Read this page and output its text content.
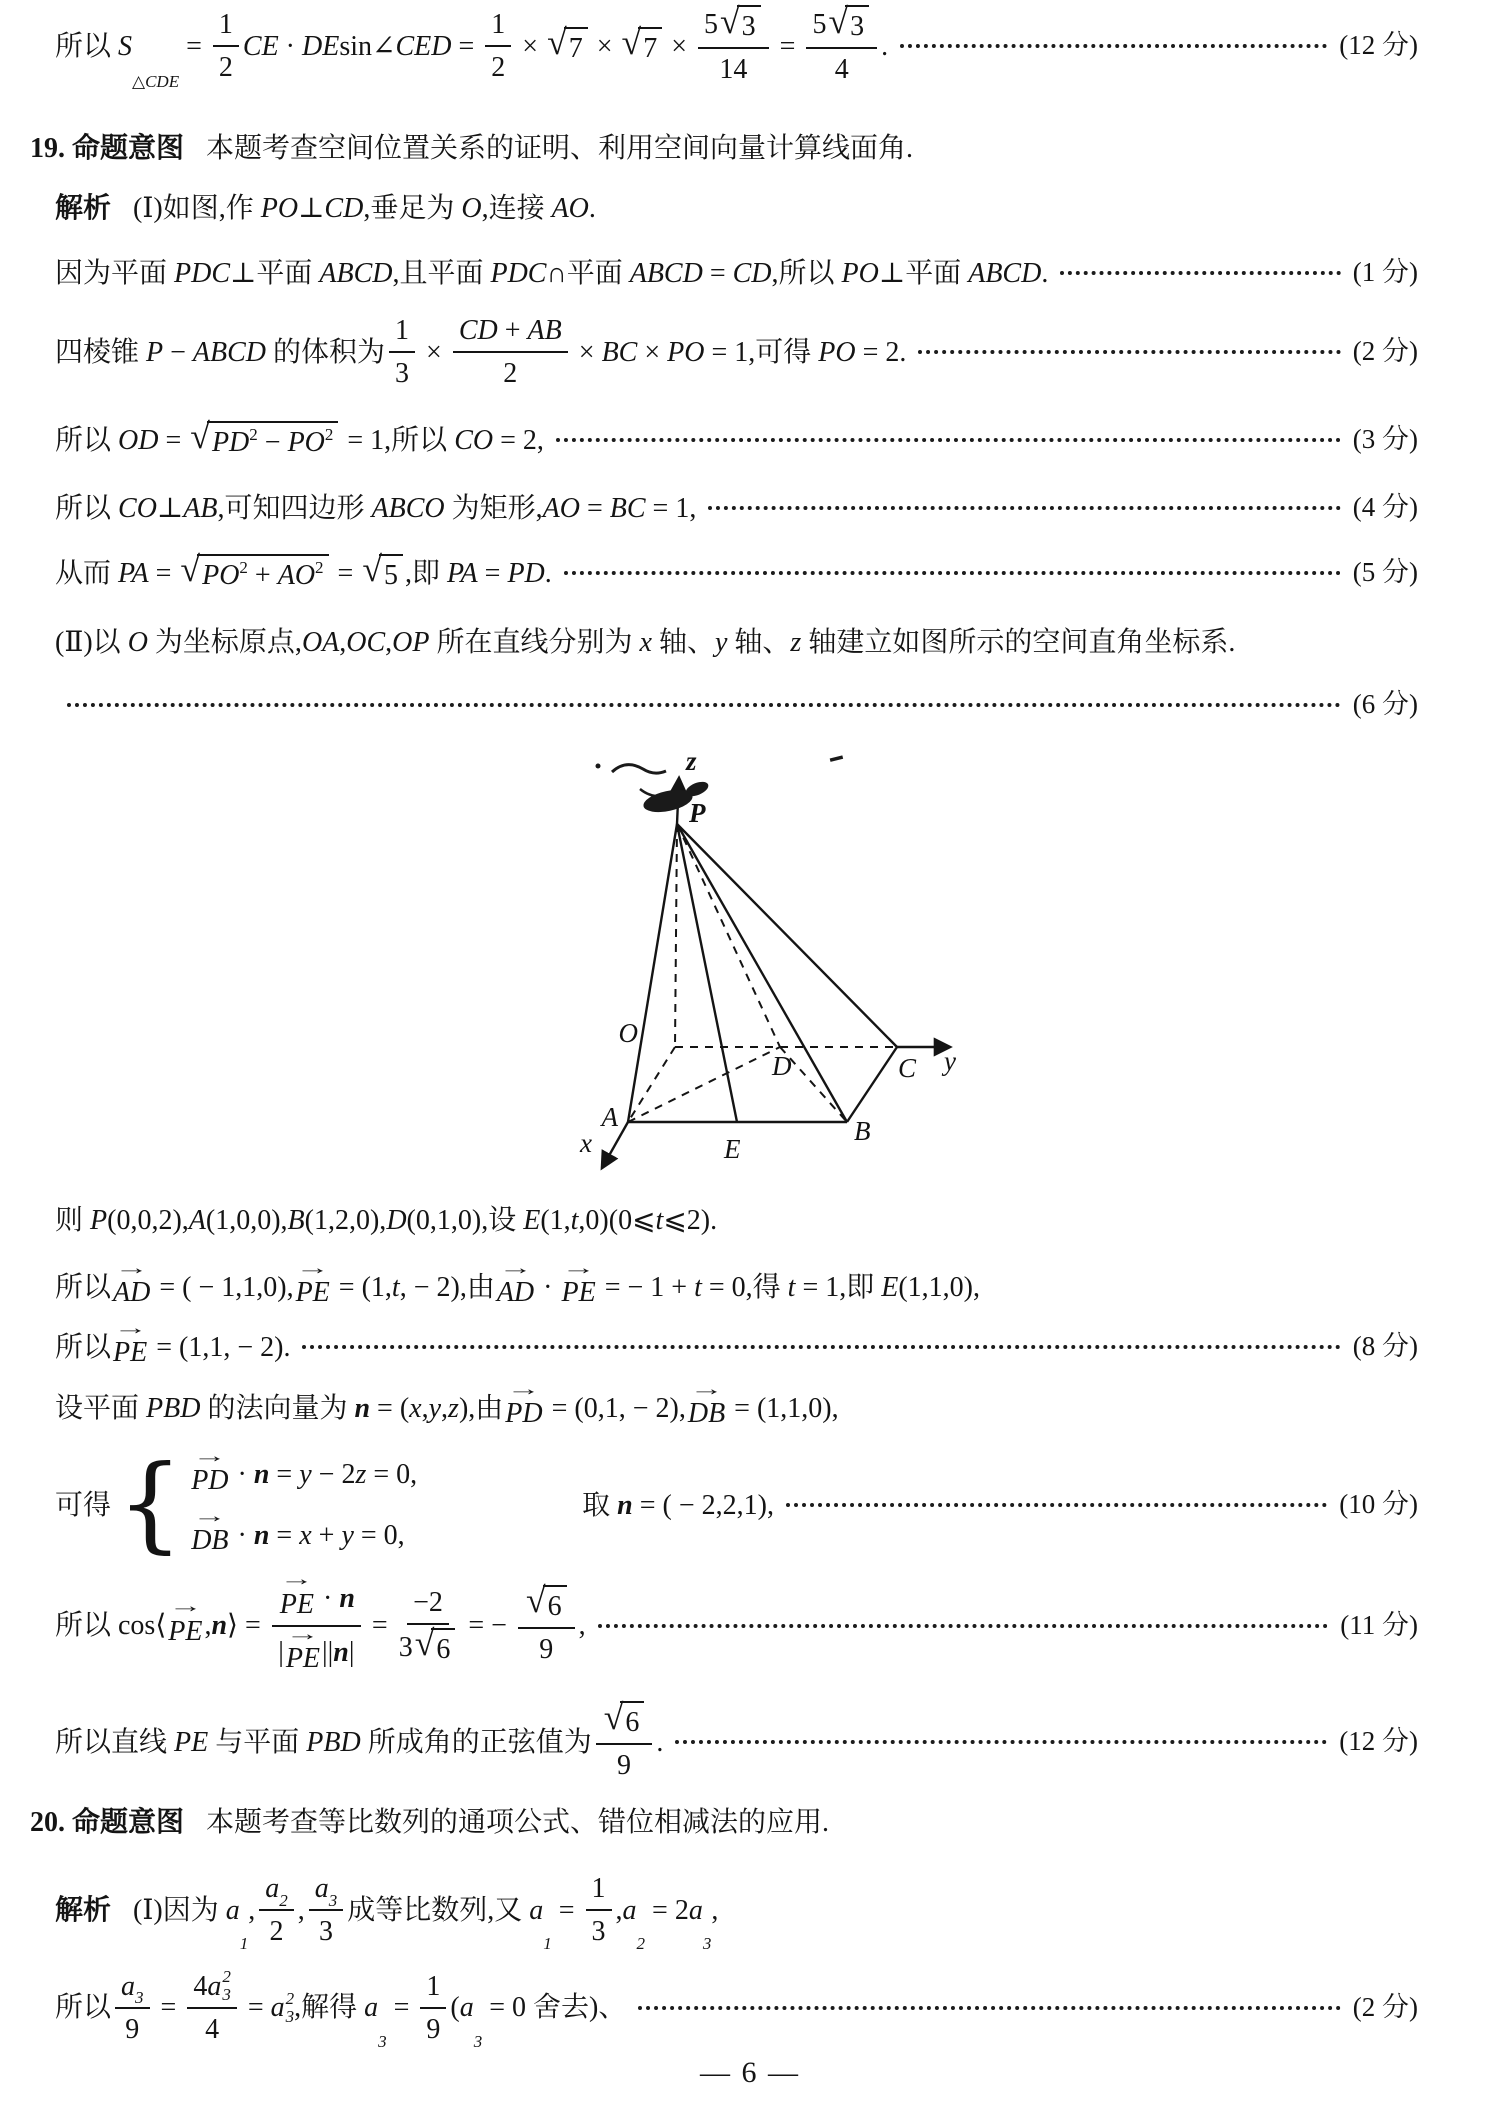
所以 S
△CDE
= $\frac{1}{2}$ CE · DE sin∠ CED = $\frac{1}{2}$ × √ 7 × √ $7 \times \frac{5 √ 3}{14} = \frac{5 √ 3}{4}$ .	(12 分)
19. 命题意图 本题考查空间位置关系的证明、利用空间向量计算线面角.
解析 (Ⅰ)如图,作 PO ⊥ CD ,垂足为 O ,连接 AO .
因为平面 PDC ⊥平面 ABCD ,且平面 PDC ∩平面 ABCD = CD ,所以 PO ⊥平面 ABCD .	(1 分)
四棱锥 P − ABCD 的体积为 $\frac{1}{3} \times \frac{CD + AB}{2}$ × BC × PO = 1,可得 PO = 2.	(2 分)
所以 OD = √ PD 2 − PO 2 = 1,所以 CO = 2,	(3 分)
所以 CO ⊥ AB ,可知四边形 ABCO 为矩形, AO = BC = 1,	(4 分)
从而 PA = √ PO 2 + AO 2 = √ 5 ,即 PA = PD .	(5 分)
(Ⅱ)以 O 为坐标原点, OA , OC , OP 所在直线分别为 x 轴、 y 轴、 z 轴建立如图所示的空间直角坐标系.
(6 分)
则 P (0,0,2), A (1,0,0), B (1,2,0), D (0,1,0),设 E (1, t ,0)(0⩽ t ⩽2).
所以
→
AD = ( − 1,1,0),
→
PE = (1, t , − 2),由
→
AD ·
→
PE = − 1 + t = 0,得 t = 1,即 E (1,1,0),
所以
→
PE = (1,1, − 2).	(8 分)
设平面 PBD 的法向量为 n = ( x , y , z ),由
→
PD = (0,1, − 2),
→
DB = (1,1,0),
可得 { →
PD · n = y − 2 z = 0,
→
DB · n = x + y = 0,
取 n = ( − 2,2,1),	(10 分)
所以 cos⟨
→
PE , n ⟩ = →
PE · n
|
→
PE || n | = $\frac{-2}{3 √ 6}$ = − $\frac{√ 6}{9}$ ,	(11 分)
所以直线 PE 与平面 PBD 所成角的正弦值为 $\frac{√ 6}{9}$ .	(12 分)
20. 命题意图 本题考查等比数列的通项公式、错位相减法的应用.
解析 (Ⅰ)因为 a
1
, $\frac{a 2}{2}$ , $\frac{a 3}{3}$ 成等比数列,又 a
1
= $\frac{1}{3}$ , a
2
= 2 a
3
,
所以 $\frac{a 3}{9} = 4$ a 2
3
4 = a 2
3 ,解得 a
3
= $\frac{1}{9}$ ( a
3
= 0 舍去)、	(2 分)
z
P
O
D	C y
A	B
E
x
— 6 —
